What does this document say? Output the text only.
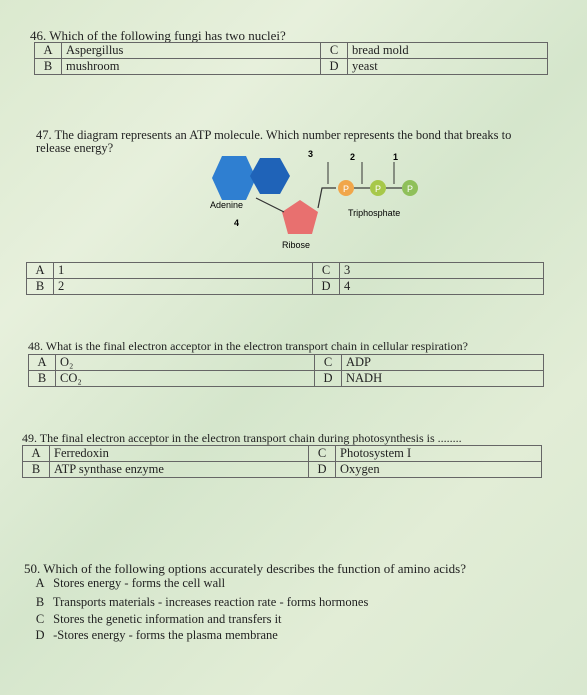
46. Which of the following fungi has two nuclei?
A	Aspergillus	C	bread mold
B	mushroom	D	yeast
47. The diagram represents an ATP molecule. Which number represents the bond that breaks to
release energy?
Adenine
4
Ribose
P	P	P
3	2	1
Triphosphate
A	1	C	3
B	2	D	4
48. What is the final electron acceptor in the electron transport chain in cellular respiration?
A	O₂	C	ADP
B	CO₂	D	NADH
49. The final electron acceptor in the electron transport chain during photosynthesis is ........
A	Ferredoxin	C	Photosystem I
B	ATP synthase enzyme	D	Oxygen
50. Which of the following options accurately describes the function of amino acids?
A Stores energy - forms the cell wall
B Transports materials - increases reaction rate - forms hormones
C Stores the genetic information and transfers it
D -Stores energy - forms the plasma membrane
